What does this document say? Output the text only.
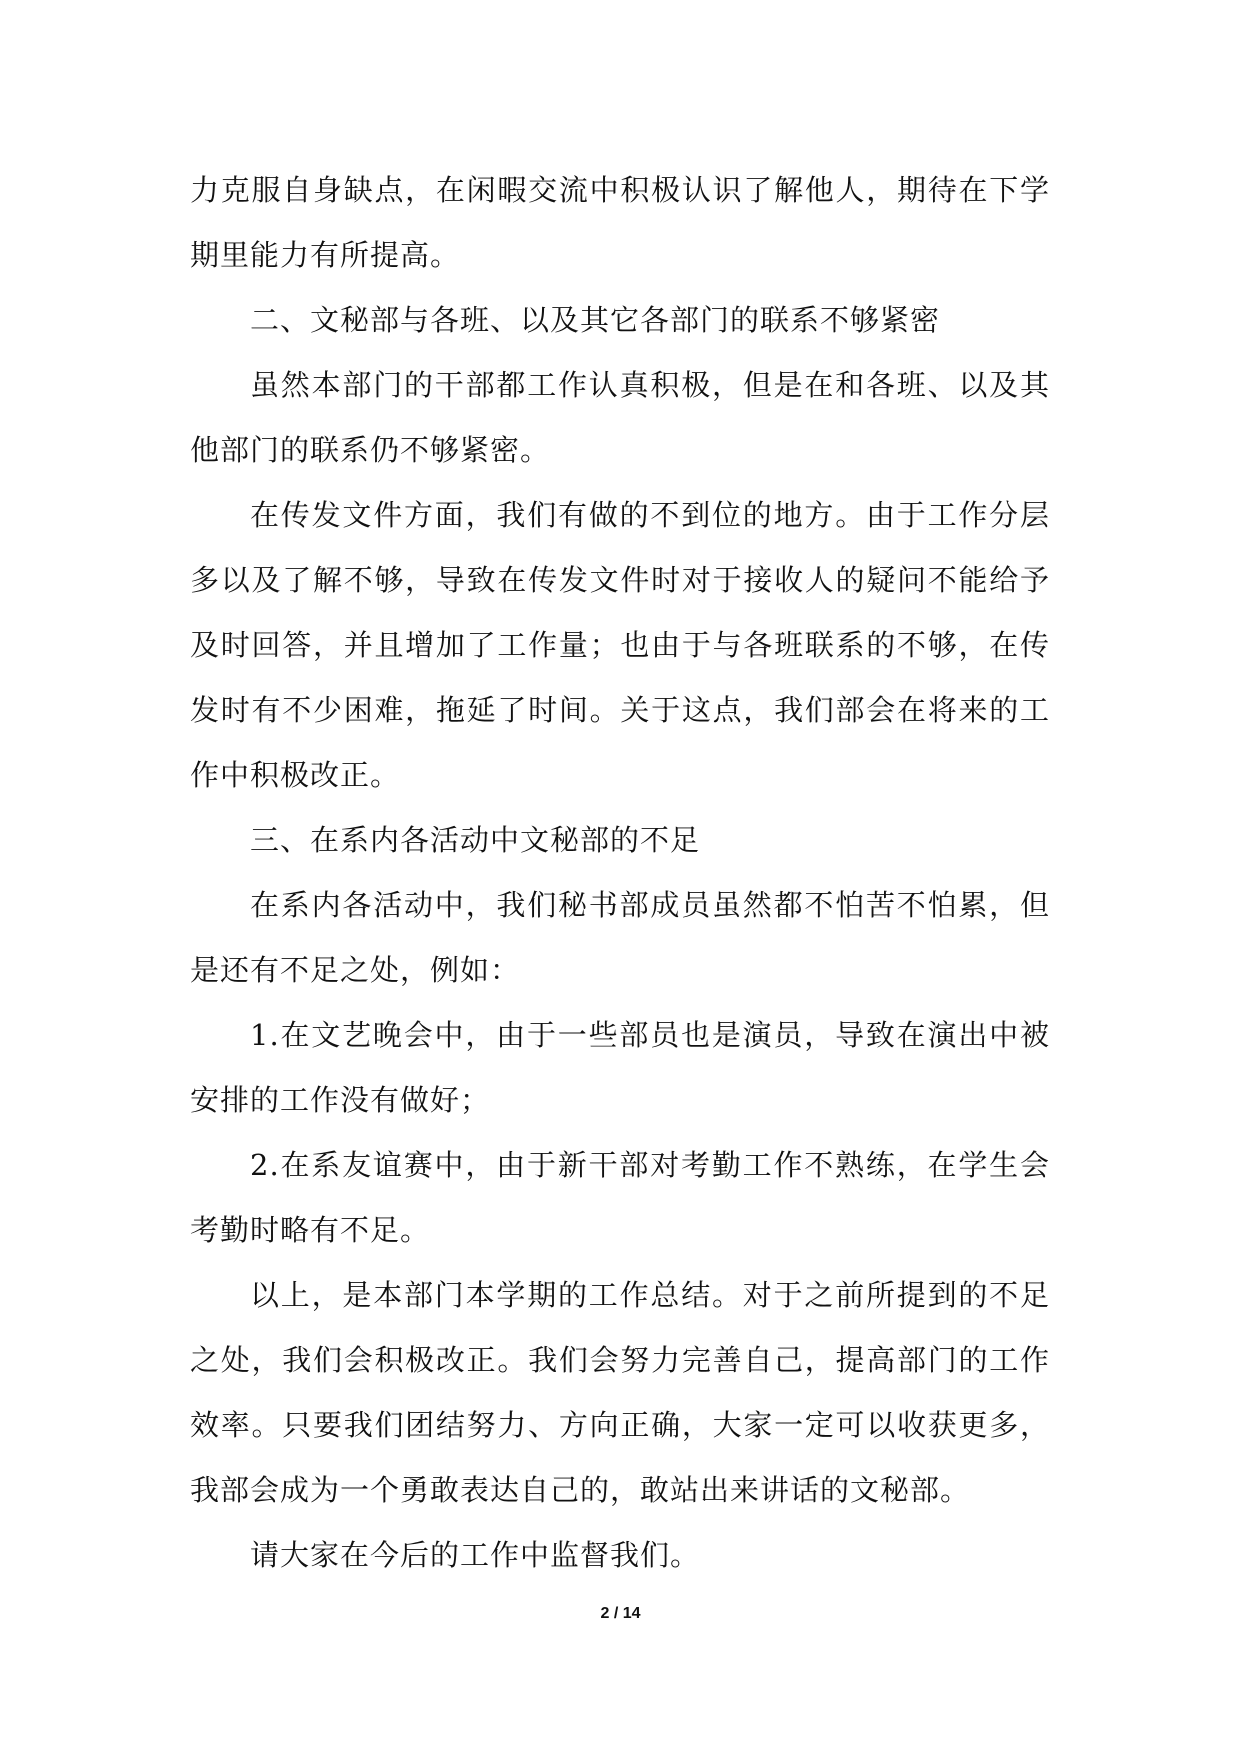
力克服自身缺点，在闲暇交流中积极认识了解他人，期待在下学期里能力有所提高。

二、文秘部与各班、以及其它各部门的联系不够紧密

虽然本部门的干部都工作认真积极，但是在和各班、以及其他部门的联系仍不够紧密。

在传发文件方面，我们有做的不到位的地方。由于工作分层多以及了解不够，导致在传发文件时对于接收人的疑问不能给予及时回答，并且增加了工作量；也由于与各班联系的不够，在传发时有不少困难，拖延了时间。关于这点，我们部会在将来的工作中积极改正。

三、在系内各活动中文秘部的不足

在系内各活动中，我们秘书部成员虽然都不怕苦不怕累，但是还有不足之处，例如：

1.在文艺晚会中，由于一些部员也是演员，导致在演出中被安排的工作没有做好；

2.在系友谊赛中，由于新干部对考勤工作不熟练，在学生会考勤时略有不足。

以上，是本部门本学期的工作总结。对于之前所提到的不足之处，我们会积极改正。我们会努力完善自己，提高部门的工作效率。只要我们团结努力、方向正确，大家一定可以收获更多，我部会成为一个勇敢表达自己的，敢站出来讲话的文秘部。

请大家在今后的工作中监督我们。

2 / 14
